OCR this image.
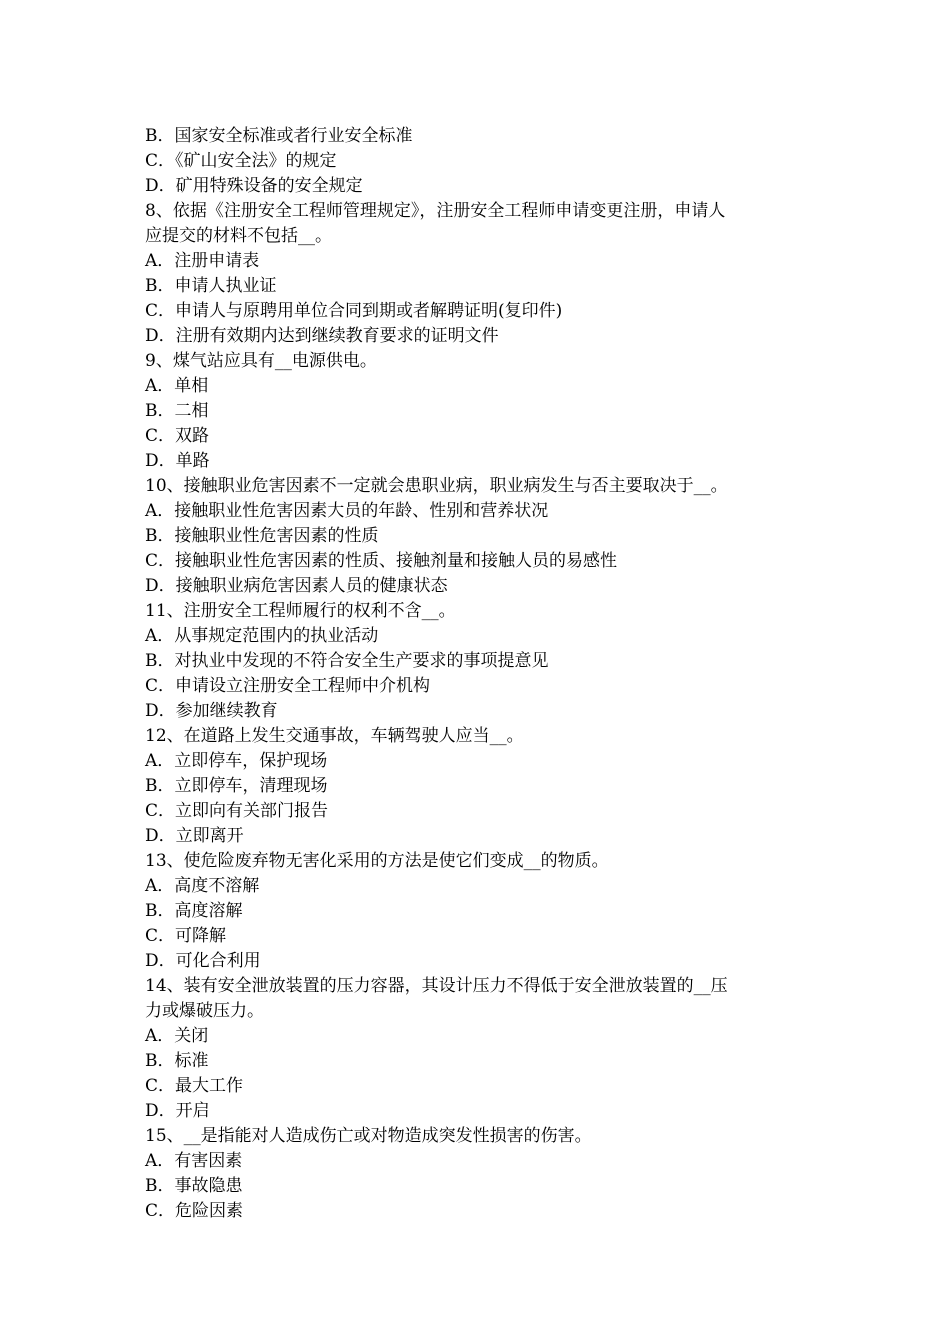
B．国家安全标准或者行业安全标准

C．《矿山安全法》的规定

D．矿用特殊设备的安全规定

8、依据《注册安全工程师管理规定》，注册安全工程师申请变更注册，申请人

应提交的材料不包括__。

A．注册申请表

B．申请人执业证

C．申请人与原聘用单位合同到期或者解聘证明(复印件)

D．注册有效期内达到继续教育要求的证明文件

9、煤气站应具有__电源供电。

A．单相

B．二相

C．双路

D．单路

10、接触职业危害因素不一定就会患职业病，职业病发生与否主要取决于__。

A．接触职业性危害因素大员的年龄、性别和营养状况

B．接触职业性危害因素的性质

C．接触职业性危害因素的性质、接触剂量和接触人员的易感性

D．接触职业病危害因素人员的健康状态

11、注册安全工程师履行的权利不含__。

A．从事规定范围内的执业活动

B．对执业中发现的不符合安全生产要求的事项提意见

C．申请设立注册安全工程师中介机构

D．参加继续教育

12、在道路上发生交通事故，车辆驾驶人应当__。

A．立即停车，保护现场

B．立即停车，清理现场

C．立即向有关部门报告

D．立即离开

13、使危险废弃物无害化采用的方法是使它们变成__的物质。

A．高度不溶解

B．高度溶解

C．可降解

D．可化合利用

14、装有安全泄放装置的压力容器，其设计压力不得低于安全泄放装置的__压

力或爆破压力。

A．关闭

B．标准

C．最大工作

D．开启

15、__是指能对人造成伤亡或对物造成突发性损害的伤害。

A．有害因素

B．事故隐患

C．危险因素
